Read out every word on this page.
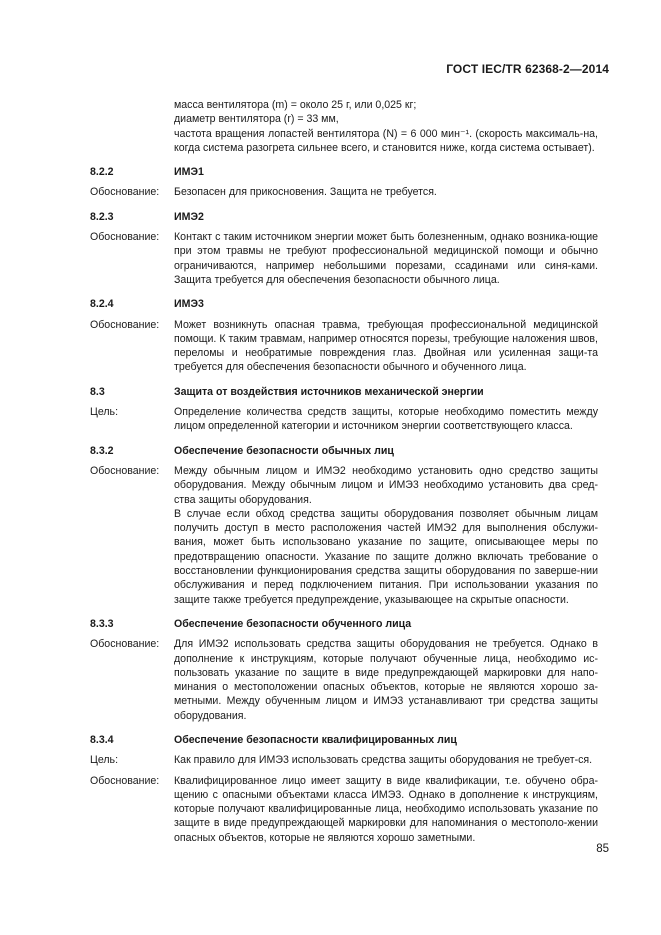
ГОСТ IEC/TR 62368-2—2014

масса вентилятора (m) = около 25 г, или 0,025 кг;

диаметр вентилятора (r) = 33 мм,

частота вращения лопастей вентилятора (N) = 6 000 мин⁻¹. (скорость максималь-на, когда система разогрета сильнее всего, и становится ниже, когда система остывает).

8.2.2	ИМЭ1
Обоснование:	Безопасен для прикосновения. Защита не требуется.

8.2.3	ИМЭ2
Обоснование:	Контакт с таким источником энергии может быть болезненным, однако возника-ющие при этом травмы не требуют профессиональной медицинской помощи и обычно ограничиваются, например небольшими порезами, ссадинами или синя-ками. Защита требуется для обеспечения безопасности обычного лица.

8.2.4	ИМЭ3
Обоснование:	Может возникнуть опасная травма, требующая профессиональной медицинской помощи. К таким травмам, например относятся порезы, требующие наложения швов, переломы и необратимые повреждения глаз. Двойная или усиленная защи-та требуется для обеспечения безопасности обычного и обученного лица.

8.3	Защита от воздействия источников механической энергии
Цель:	Определение количества средств защиты, которые необходимо поместить между лицом определенной категории и источником энергии соответствующего класса.

8.3.2	Обеспечение безопасности обычных лиц
Обоснование:	Между обычным лицом и ИМЭ2 необходимо установить одно средство защиты оборудования. Между обычным лицом и ИМЭ3 необходимо установить два сред-ства защиты оборудования.

В случае если обход средства защиты оборудования позволяет обычным лицам получить доступ в место расположения частей ИМЭ2 для выполнения обслужи-вания, может быть использовано указание по защите, описывающее меры по предотвращению опасности. Указание по защите должно включать требование о восстановлении функционирования средства защиты оборудования по заверше-нии обслуживания и перед подключением питания. При использовании указания по защите также требуется предупреждение, указывающее на скрытые опасности.

8.3.3	Обеспечение безопасности обученного лица
Обоснование:	Для ИМЭ2 использовать средства защиты оборудования не требуется. Однако в дополнение к инструкциям, которые получают обученные лица, необходимо ис-пользовать указание по защите в виде предупреждающей маркировки для напо-минания о местоположении опасных объектов, которые не являются хорошо за-метными. Между обученным лицом и ИМЭ3 устанавливают три средства защиты оборудования.

8.3.4	Обеспечение безопасности квалифицированных лиц
Цель:	Как правило для ИМЭ3 использовать средства защиты оборудования не требует-ся.

Обоснование:	Квалифицированное лицо имеет защиту в виде квалификации, т.е. обучено обра-щению с опасными объектами класса ИМЭ3. Однако в дополнение к инструкциям, которые получают квалифицированные лица, необходимо использовать указание по защите в виде предупреждающей маркировки для напоминания о местополо-жении опасных объектов, которые не являются хорошо заметными.

85
